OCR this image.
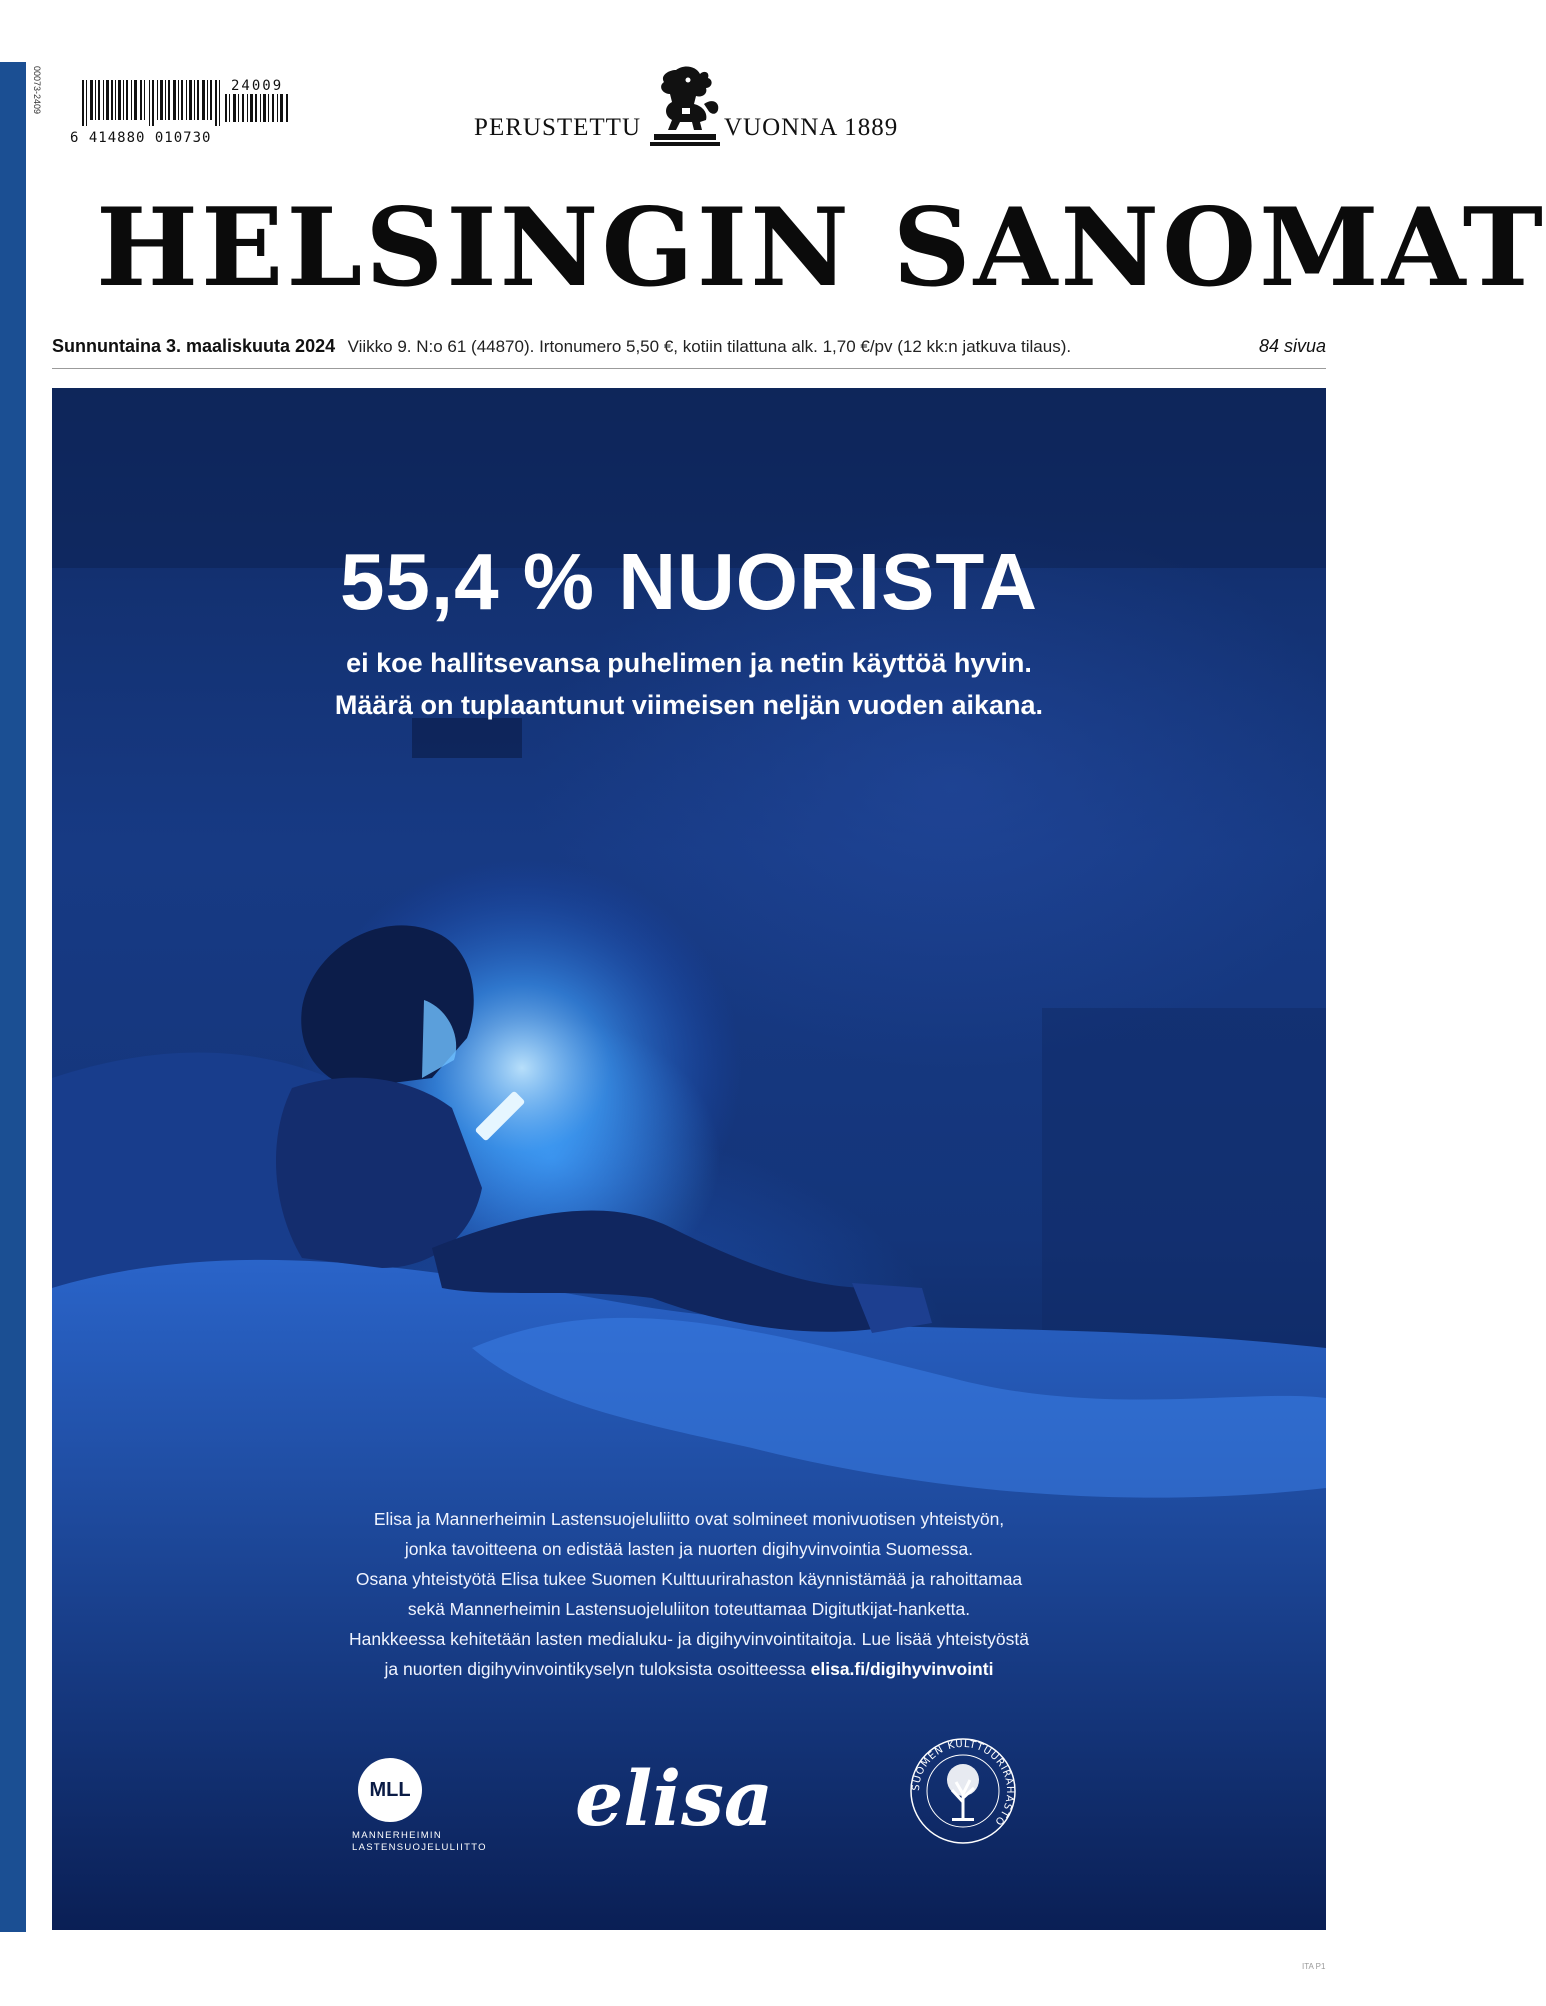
00073-2409
6 414880 010730
24009
PERUSTETTU	VUONNA 1889
HELSINGIN SANOMAT
Sunnuntaina 3. maaliskuuta 2024 Viikko 9. N:o 61 (44870). Irtonumero 5,50 €, kotiin tilattuna alk. 1,70 €/pv (12 kk:n jatkuva tilaus).	84 sivua
55,4 % NUORISTA
ei koe hallitsevansa puhelimen ja netin käyttöä hyvin.
Määrä on tuplaantunut viimeisen neljän vuoden aikana.
Elisa ja Mannerheimin Lastensuojeluliitto ovat solmineet monivuotisen yhteistyön,
jonka tavoitteena on edistää lasten ja nuorten digihyvinvointia Suomessa.
Osana yhteistyötä Elisa tukee Suomen Kulttuurirahaston käynnistämää ja rahoittamaa
sekä Mannerheimin Lastensuojeluliiton toteuttamaa Digitutkijat-hanketta.
Hankkeessa kehitetään lasten medialuku- ja digihyvinvointitaitoja. Lue lisää yhteistyöstä
ja nuorten digihyvinvointikyselyn tuloksista osoitteessa elisa.fi/digihyvinvointi
MLL
MANNERHEIMIN
LASTENSUOJELULIITTO
elisa	SUOMEN KULTTUURIRAHASTO
ITA P1
